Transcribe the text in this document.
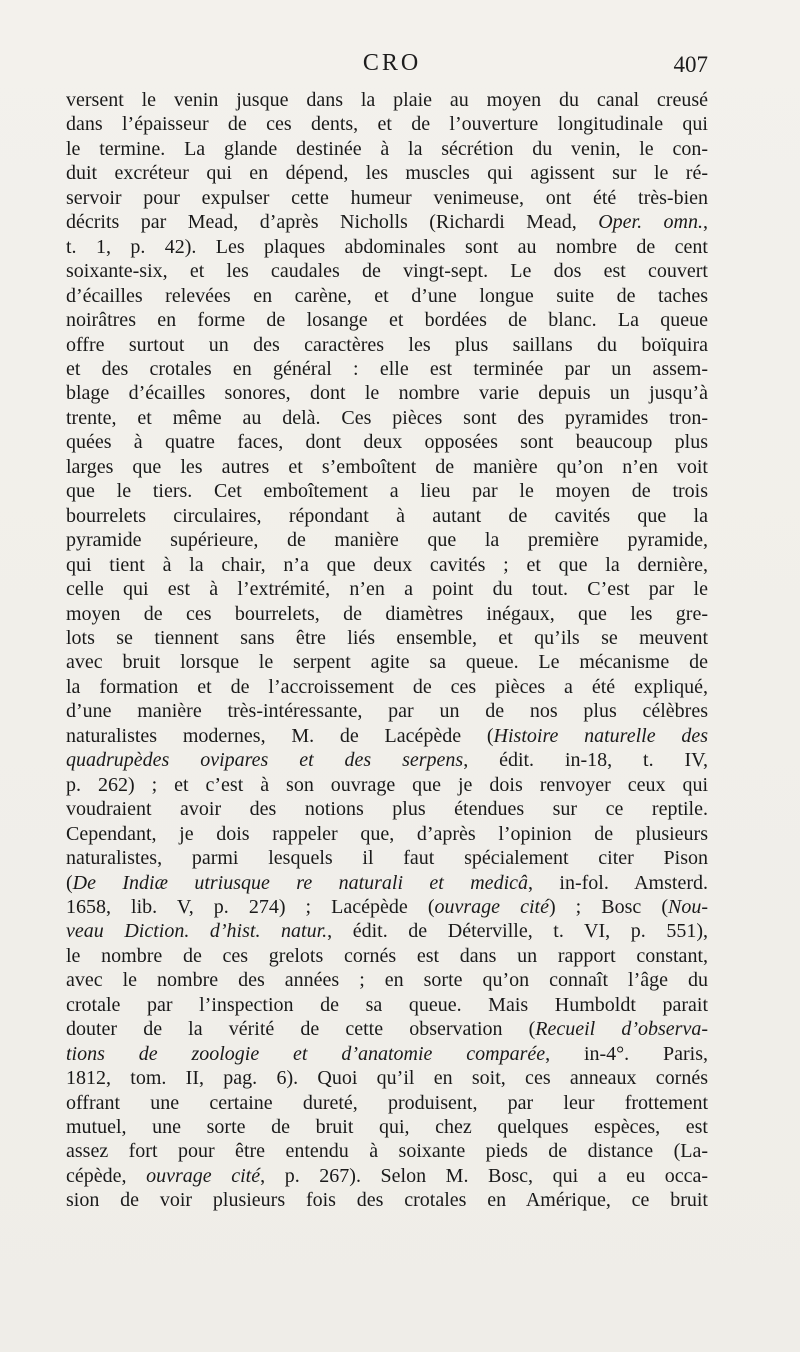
CRO	407
versent le venin jusque dans la plaie au moyen du canal creusé
dans l’épaisseur de ces dents, et de l’ouverture longitudinale qui
le termine. La glande destinée à la sécrétion du venin, le con-
duit excréteur qui en dépend, les muscles qui agissent sur le ré-
servoir pour expulser cette humeur venimeuse, ont été très-bien
décrits par Mead, d’après Nicholls (Richardi Mead, Oper. omn.,
t. 1, p. 42). Les plaques abdominales sont au nombre de cent
soixante-six, et les caudales de vingt-sept. Le dos est couvert
d’écailles relevées en carène, et d’une longue suite de taches
noirâtres en forme de losange et bordées de blanc. La queue
offre surtout un des caractères les plus saillans du boïquira
et des crotales en général : elle est terminée par un assem-
blage d’écailles sonores, dont le nombre varie depuis un jusqu’à
trente, et même au delà. Ces pièces sont des pyramides tron-
quées à quatre faces, dont deux opposées sont beaucoup plus
larges que les autres et s’emboîtent de manière qu’on n’en voit
que le tiers. Cet emboîtement a lieu par le moyen de trois
bourrelets circulaires, répondant à autant de cavités que la
pyramide supérieure, de manière que la première pyramide,
qui tient à la chair, n’a que deux cavités ; et que la dernière,
celle qui est à l’extrémité, n’en a point du tout. C’est par le
moyen de ces bourrelets, de diamètres inégaux, que les gre-
lots se tiennent sans être liés ensemble, et qu’ils se meuvent
avec bruit lorsque le serpent agite sa queue. Le mécanisme de
la formation et de l’accroissement de ces pièces a été expliqué,
d’une manière très-intéressante, par un de nos plus célèbres
naturalistes modernes, M. de Lacépède (Histoire naturelle des
quadrupèdes ovipares et des serpens, édit. in-18, t. IV,
p. 262) ; et c’est à son ouvrage que je dois renvoyer ceux qui
voudraient avoir des notions plus étendues sur ce reptile.
Cependant, je dois rappeler que, d’après l’opinion de plusieurs
naturalistes, parmi lesquels il faut spécialement citer Pison
(De Indiæ utriusque re naturali et medicâ, in-fol. Amsterd.
1658, lib. V, p. 274) ; Lacépède (ouvrage cité) ; Bosc (Nou-
veau Diction. d’hist. natur., édit. de Déterville, t. VI, p. 551),
le nombre de ces grelots cornés est dans un rapport constant,
avec le nombre des années ; en sorte qu’on connaît l’âge du
crotale par l’inspection de sa queue. Mais Humboldt parait
douter de la vérité de cette observation (Recueil d’observa-
tions de zoologie et d’anatomie comparée, in-4°. Paris,
1812, tom. II, pag. 6). Quoi qu’il en soit, ces anneaux cornés
offrant une certaine dureté, produisent, par leur frottement
mutuel, une sorte de bruit qui, chez quelques espèces, est
assez fort pour être entendu à soixante pieds de distance (La-
cépède, ouvrage cité, p. 267). Selon M. Bosc, qui a eu occa-
sion de voir plusieurs fois des crotales en Amérique, ce bruit
